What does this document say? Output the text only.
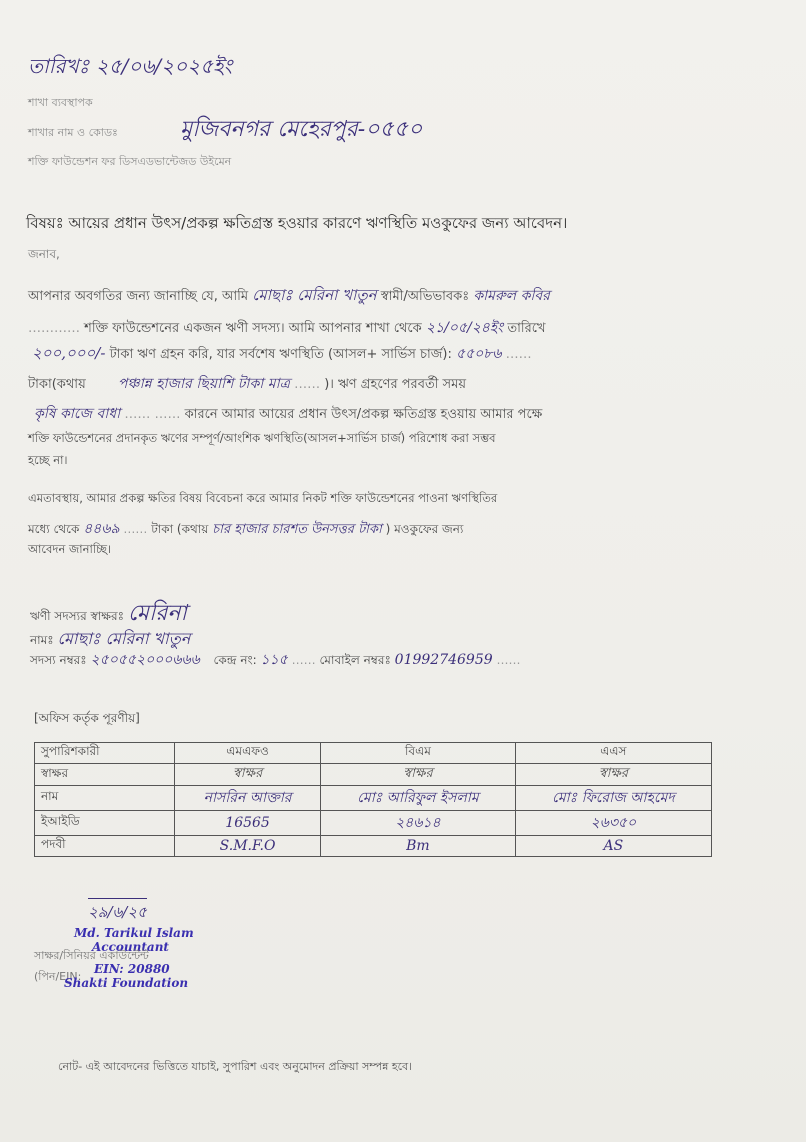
তারিখঃ ২৫/০৬/২০২৫ইং
শাখা ব্যবস্থাপক
শাখার নাম ও কোডঃ	মুজিবনগর মেহেরপুর-০৫৫০
শক্তি ফাউন্ডেশন ফর ডিসএডভান্টেজড উইমেন
বিষয়ঃ আয়ের প্রধান উৎস/প্রকল্প ক্ষতিগ্রস্ত হওয়ার কারণে ঋণস্থিতি মওকুফের জন্য আবেদন।
জনাব,
আপনার অবগতির জন্য জানাচ্ছি যে, আমি মোছাঃ মেরিনা খাতুন স্বামী/অভিভাবকঃ কামরুল কবির
………… শক্তি ফাউন্ডেশনের একজন ঋণী সদস্য। আমি আপনার শাখা থেকে ২১/০৫/২৪ইং তারিখে
২০০,০০০/- টাকা ঋণ গ্রহন করি, যার সর্বশেষ ঋণস্থিতি (আসল+ সার্ভিস চার্জ): ৫৫০৮৬ ……
টাকা(কথায় পঞ্চান্ন হাজার ছিয়াশি টাকা মাত্র …… )। ঋণ গ্রহণের পরবর্তী সময়
কৃষি কাজে বাধা …… …… কারনে আমার আয়ের প্রধান উৎস/প্রকল্প ক্ষতিগ্রস্ত হওয়ায় আমার পক্ষে
শক্তি ফাউন্ডেশনের প্রদানকৃত ঋণের সম্পূর্ণ/আংশিক ঋণস্থিতি(আসল+সার্ভিস চার্জ) পরিশোধ করা সম্ভব
হচ্ছে না।
এমতাবস্থায়, আমার প্রকল্প ক্ষতির বিষয় বিবেচনা করে আমার নিকট শক্তি ফাউন্ডেশনের পাওনা ঋণস্থিতির
মধ্যে থেকে ৪৪৬৯ …… টাকা (কথায় চার হাজার চারশত উনসত্তর টাকা ) মওকুফের জন্য
আবেদন জানাচ্ছি।
ঋণী সদস্যর স্বাক্ষরঃ মেরিনা
নামঃ মোছাঃ মেরিনা খাতুন
সদস্য নম্বরঃ ২৫০৫৫২০০০৬৬৬ কেন্দ্র নং: ১১৫ …… মোবাইল নম্বরঃ 01992746959 ……
[অফিস কর্তৃক পূরণীয়]
সুপারিশকারী	এমএফও	বিএম	এএস
স্বাক্ষর	স্বাক্ষর	স্বাক্ষর	স্বাক্ষর
নাম	নাসরিন আক্তার	মোঃ আরিফুল ইসলাম	মোঃ ফিরোজ আহমেদ
ইআইডি	16565	২৪৬১৪	২৬৩৫০
পদবী	S.M.F.O	Bm	AS
২৯/৬/২৫
Md. Tarikul Islam
Accountant
সাক্ষর/সিনিয়র একাউন্টেন্ট
(পিন/EIN:
EIN: 20880
Shakti Foundation
নোট- এই আবেদনের ভিত্তিতে যাচাই, সুপারিশ এবং অনুমোদন প্রক্রিয়া সম্পন্ন হবে।
